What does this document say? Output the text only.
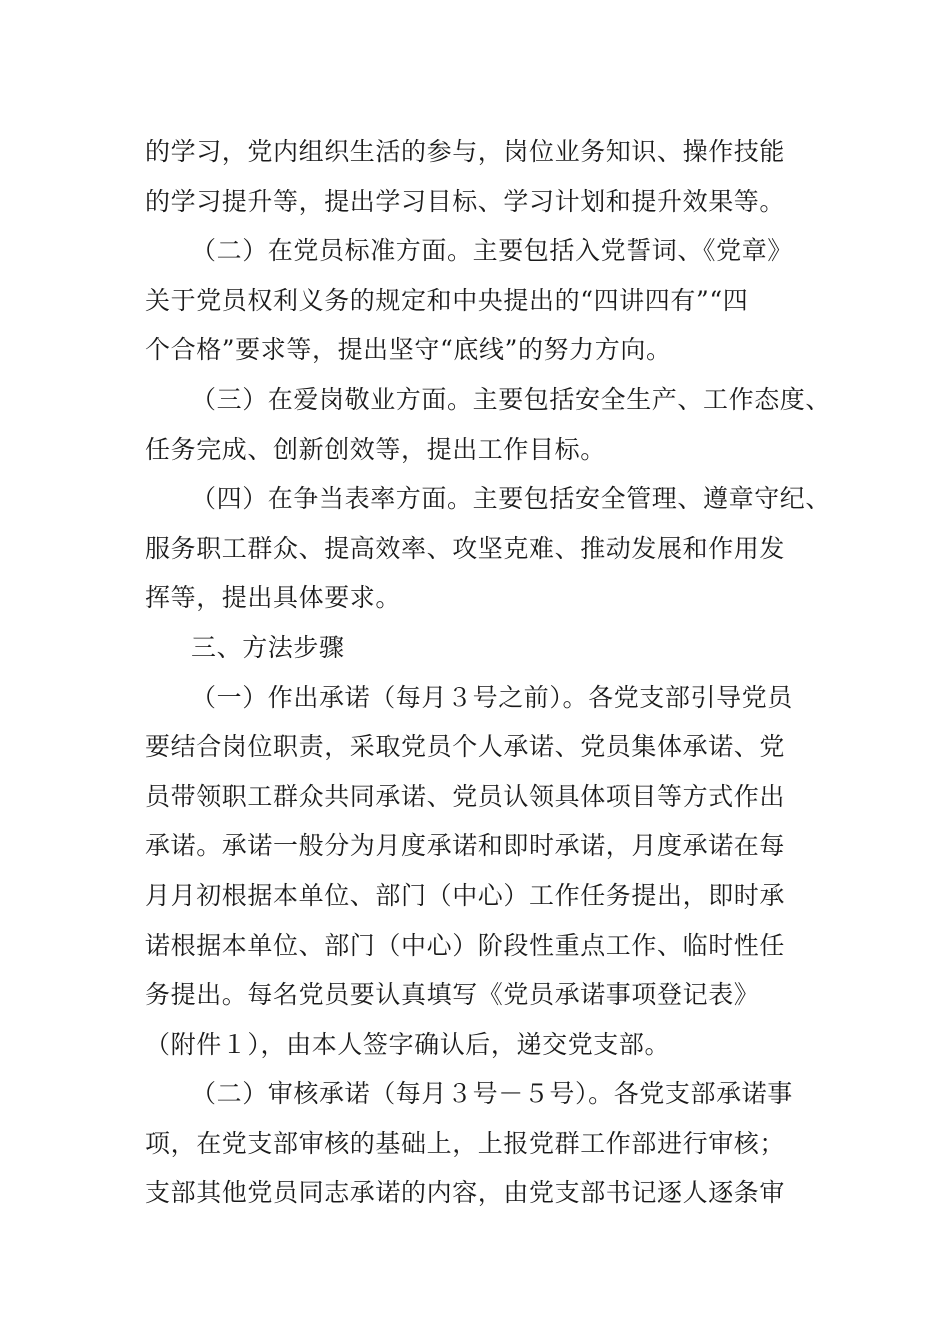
的学习，党内组织生活的参与，岗位业务知识、操作技能
的学习提升等，提出学习目标、学习计划和提升效果等。
（二）在党员标准方面。主要包括入党誓词、《党章》
关于党员权利义务的规定和中央提出的“四讲四有”“四
个合格”要求等，提出坚守“底线”的努力方向。
（三）在爱岗敬业方面。主要包括安全生产、工作态度、
任务完成、创新创效等，提出工作目标。
（四）在争当表率方面。主要包括安全管理、遵章守纪、
服务职工群众、提高效率、攻坚克难、推动发展和作用发
挥等，提出具体要求。
三、方法步骤
（一）作出承诺（每月３号之前）。各党支部引导党员
要结合岗位职责，采取党员个人承诺、党员集体承诺、党
员带领职工群众共同承诺、党员认领具体项目等方式作出
承诺。承诺一般分为月度承诺和即时承诺，月度承诺在每
月月初根据本单位、部门（中心）工作任务提出，即时承
诺根据本单位、部门（中心）阶段性重点工作、临时性任
务提出。每名党员要认真填写《党员承诺事项登记表》
（附件１），由本人签字确认后，递交党支部。
（二）审核承诺（每月３号－５号）。各党支部承诺事
项，在党支部审核的基础上，上报党群工作部进行审核；
支部其他党员同志承诺的内容，由党支部书记逐人逐条审
